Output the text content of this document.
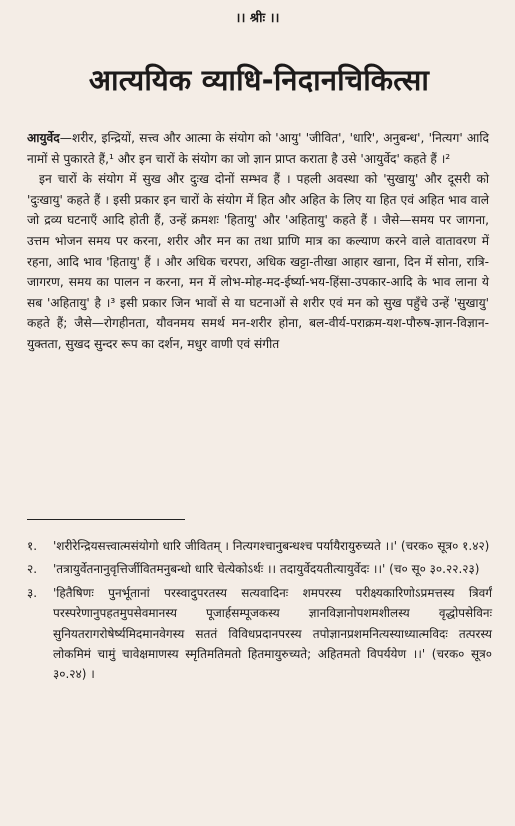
।। श्रीः ।।
आत्ययिक व्याधि-निदानचिकित्सा

आयुर्वेद—शरीर, इन्द्रियों, सत्त्व और आत्मा के संयोग को 'आयु' 'जीवित', 'धारि', अनुबन्ध', 'नित्यग' आदि नामों से पुकारते हैं,¹ और इन चारों के संयोग का जो ज्ञान प्राप्त कराता है उसे 'आयुर्वेद' कहते हैं ।²

इन चारों के संयोग में सुख और दुःख दोनों सम्भव हैं । पहली अवस्था को 'सुखायु' और दूसरी को 'दुःखायु' कहते हैं । इसी प्रकार इन चारों के संयोग में हित और अहित के लिए या हित एवं अहित भाव वाले जो द्रव्य घटनाएँ आदि होती हैं, उन्हें क्रमशः 'हितायु' और 'अहितायु' कहते हैं । जैसे—समय पर जागना, उत्तम भोजन समय पर करना, शरीर और मन का तथा प्राणि मात्र का कल्याण करने वाले वातावरण में रहना, आदि भाव 'हितायु' हैं । और अधिक चरपरा, अधिक खट्टा-तीखा आहार खाना, दिन में सोना, रात्रि-जागरण, समय का पालन न करना, मन में लोभ-मोह-मद-ईर्ष्या-भय-हिंसा-उपकार-आदि के भाव लाना ये सब 'अहितायु' है ।³ इसी प्रकार जिन भावों से या घटनाओं से शरीर एवं मन को सुख पहुँचे उन्हें 'सुखायु' कहते हैं; जैसे—रोगहीनता, यौवनमय समर्थ मन-शरीर होना, बल-वीर्य-पराक्रम-यश-पौरुष-ज्ञान-विज्ञान-युक्तता, सुखद सुन्दर रूप का दर्शन, मधुर वाणी एवं संगीत

१.	'शरीरेन्द्रियसत्त्वात्मसंयोगो धारि जीवितम् । नित्यगश्चानुबन्धश्च पर्यायैरायुरुच्यते ।।' (चरक० सूत्र० १.४२)
२.	'तत्रायुर्वेतनानुवृत्तिर्जीवितमनुबन्धो धारि चेत्येकोऽर्थः ।। तदायुर्वेदयतीत्यायुर्वेदः ।।' (च० सू० ३०.२२.२३)
३.	'हितैषिणः पुनर्भूतानां परस्वादुपरतस्य सत्यवादिनः शमपरस्य परीक्ष्यकारिणोऽप्रमत्तस्य त्रिवर्गं परस्परेणानुपहतमुपसेवमानस्य पूजार्हसम्पूजकस्य ज्ञानविज्ञानोपशमशीलस्य वृद्धोपसेविनः सुनियतरागरोषेर्ष्यमिदमानवेगस्य सततं विविधप्रदानपरस्य तपोज्ञानप्रशमनित्यस्याध्यात्मविदः तत्परस्य लोकमिमं चामुं चावेक्षमाणस्य स्मृतिमतिमतो हितमायुरुच्यते; अहितमतो विपर्ययेण ।।' (चरक० सूत्र० ३०.२४) ।
